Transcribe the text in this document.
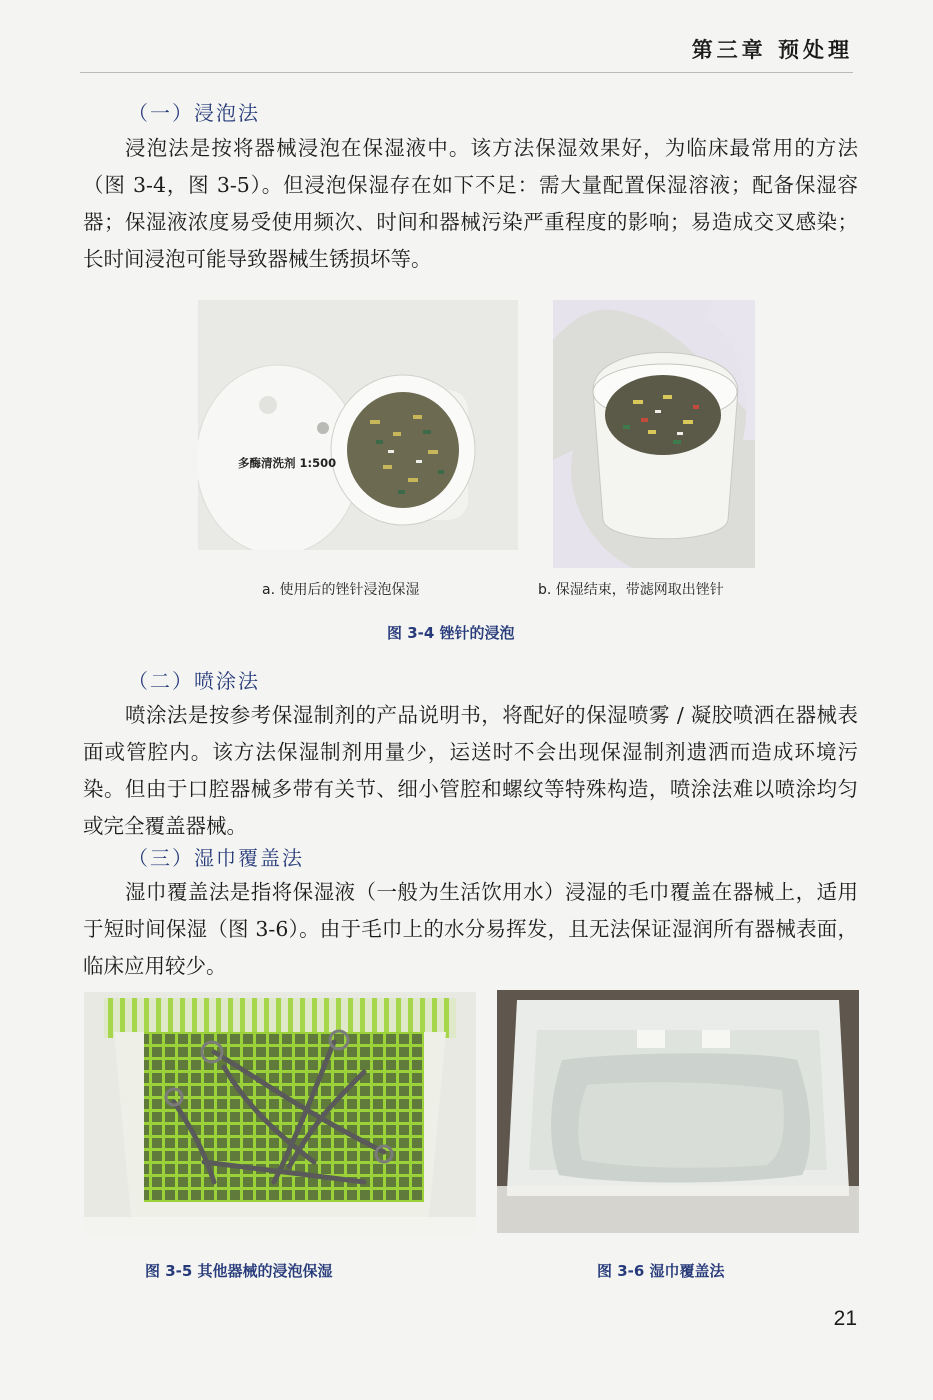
第三章 预处理
（一）浸泡法

浸泡法是按将器械浸泡在保湿液中。该方法保湿效果好，为临床最常用的方法（图 3-4，图 3-5）。但浸泡保湿存在如下不足：需大量配置保湿溶液；配备保湿容器；保湿液浓度易受使用频次、时间和器械污染严重程度的影响；易造成交叉感染；长时间浸泡可能导致器械生锈损坏等。

多酶清洗剂 1:500
a. 使用后的锉针浸泡保湿	b. 保湿结束，带滤网取出锉针
图 3-4 锉针的浸泡
（二）喷涂法

喷涂法是按参考保湿制剂的产品说明书，将配好的保湿喷雾 / 凝胶喷洒在器械表面或管腔内。该方法保湿制剂用量少，运送时不会出现保湿制剂遗洒而造成环境污染。但由于口腔器械多带有关节、细小管腔和螺纹等特殊构造，喷涂法难以喷涂均匀或完全覆盖器械。

（三）湿巾覆盖法

湿巾覆盖法是指将保湿液（一般为生活饮用水）浸湿的毛巾覆盖在器械上，适用于短时间保湿（图 3-6）。由于毛巾上的水分易挥发，且无法保证湿润所有器械表面，临床应用较少。

图 3-5 其他器械的浸泡保湿	图 3-6 湿巾覆盖法
21
